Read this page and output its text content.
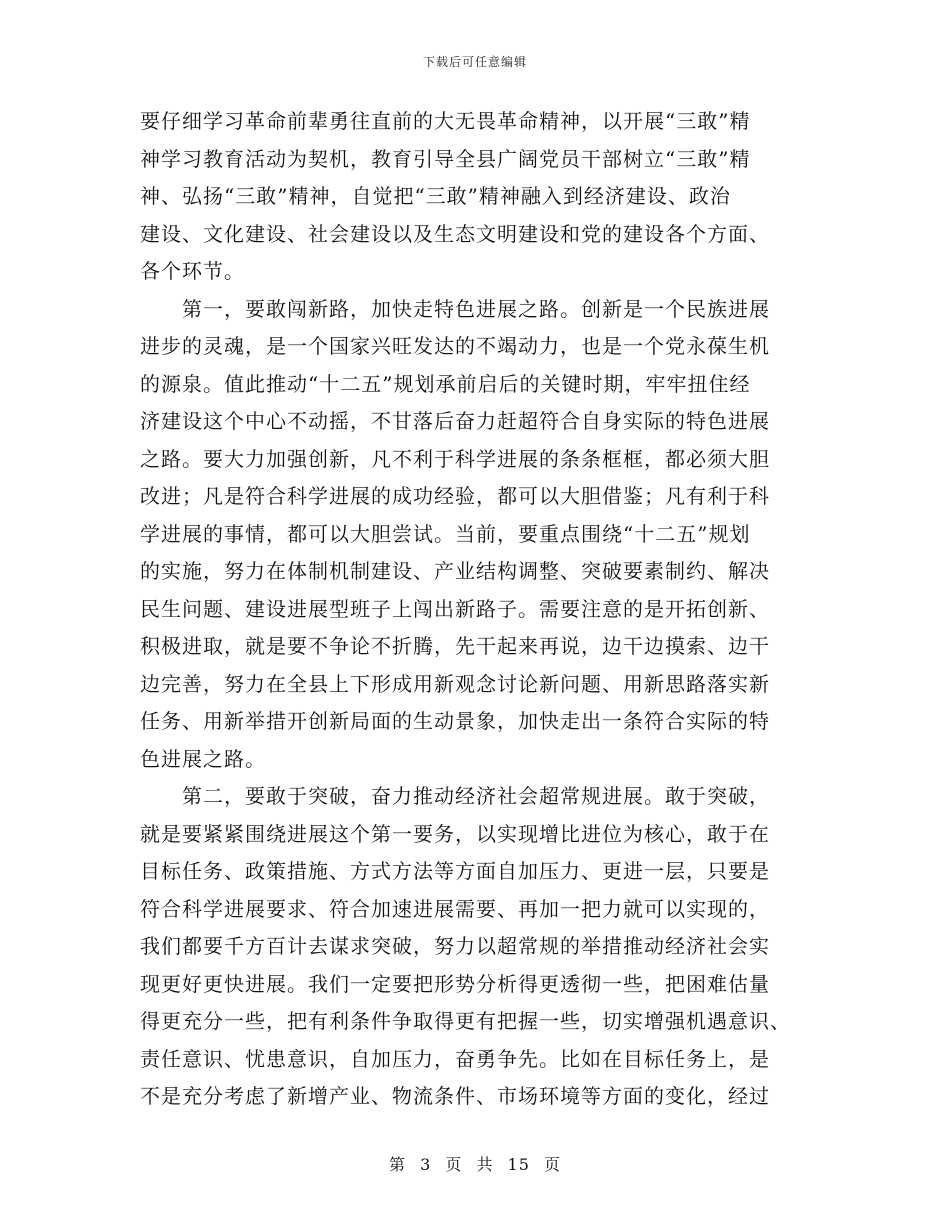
下载后可任意编辑
要仔细学习革命前辈勇往直前的大无畏革命精神，以开展“三敢”精
神学习教育活动为契机，教育引导全县广阔党员干部树立“三敢”精
神、弘扬“三敢”精神，自觉把“三敢”精神融入到经济建设、政治
建设、文化建设、社会建设以及生态文明建设和党的建设各个方面、
各个环节。
　　第一，要敢闯新路，加快走特色进展之路。创新是一个民族进展
进步的灵魂，是一个国家兴旺发达的不竭动力，也是一个党永葆生机
的源泉。值此推动“十二五”规划承前启后的关键时期，牢牢扭住经
济建设这个中心不动摇，不甘落后奋力赶超符合自身实际的特色进展
之路。要大力加强创新，凡不利于科学进展的条条框框，都必须大胆
改进；凡是符合科学进展的成功经验，都可以大胆借鉴；凡有利于科
学进展的事情，都可以大胆尝试。当前，要重点围绕“十二五”规划
的实施，努力在体制机制建设、产业结构调整、突破要素制约、解决
民生问题、建设进展型班子上闯出新路子。需要注意的是开拓创新、
积极进取，就是要不争论不折腾，先干起来再说，边干边摸索、边干
边完善，努力在全县上下形成用新观念讨论新问题、用新思路落实新
任务、用新举措开创新局面的生动景象，加快走出一条符合实际的特
色进展之路。
　　第二，要敢于突破，奋力推动经济社会超常规进展。敢于突破，
就是要紧紧围绕进展这个第一要务，以实现增比进位为核心，敢于在
目标任务、政策措施、方式方法等方面自加压力、更进一层，只要是
符合科学进展要求、符合加速进展需要、再加一把力就可以实现的，
我们都要千方百计去谋求突破，努力以超常规的举措推动经济社会实
现更好更快进展。我们一定要把形势分析得更透彻一些，把困难估量
得更充分一些，把有利条件争取得更有把握一些，切实增强机遇意识、
责任意识、忧患意识，自加压力，奋勇争先。比如在目标任务上，是
不是充分考虑了新增产业、物流条件、市场环境等方面的变化，经过
第 3 页 共 15 页
